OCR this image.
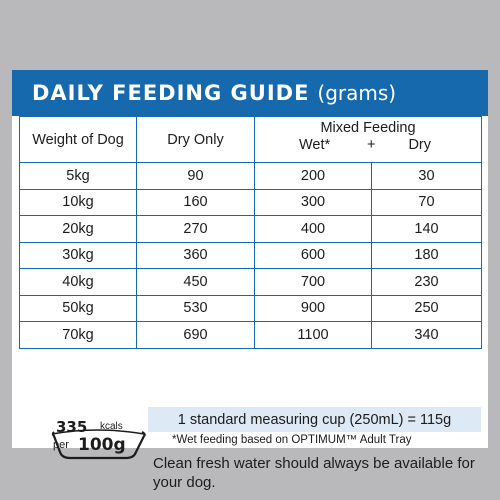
DAILY FEEDING GUIDE (grams)
Weight of Dog	Dry Only	Mixed Feeding
Wet* + Dry	

5kg	90	200	30
10kg	160	300	70
20kg	270	400	140
30kg	360	600	180
40kg	450	700	230
50kg	530	900	250
70kg	690	1100	340
1 standard measuring cup (250mL) = 115g
335 kcals
per 100g	*Wet feeding based on OPTIMUM™ Adult Tray
Clean fresh water should always be available for your dog.
